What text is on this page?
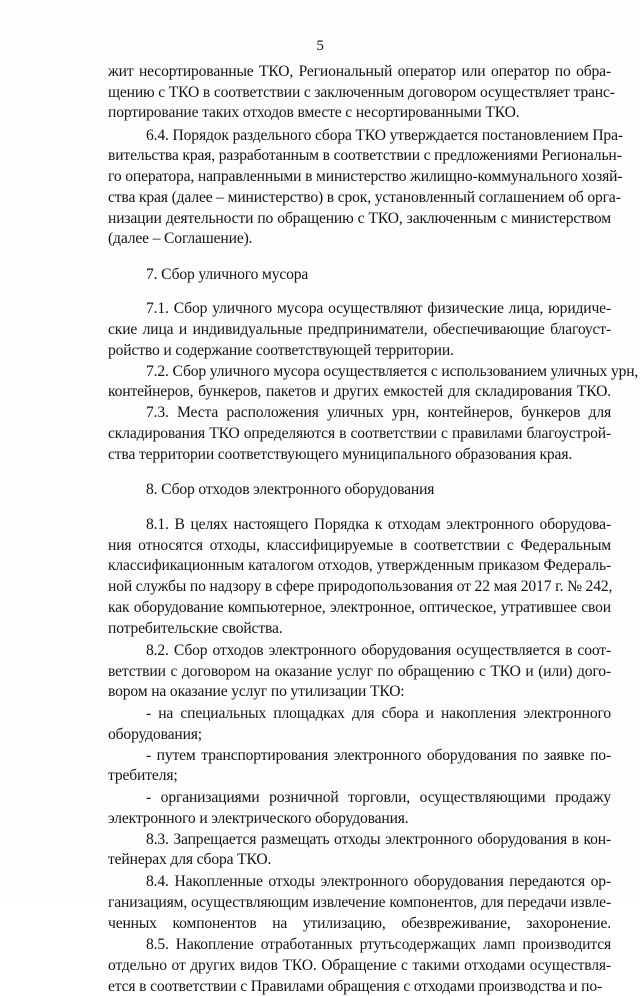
5
жит несортированные ТКО, Региональный оператор или оператор по обра-
щению с ТКО в соответствии с заключенным договором осуществляет транс-
портирование таких отходов вместе с несортированными ТКО.
6.4. Порядок раздельного сбора ТКО утверждается постановлением Пра-
вительства края, разработанным в соответствии с предложениями Региональн-
го оператора, направленными в министерство жилищно-коммунального хозяй-
ства края (далее – министерство) в срок, установленный соглашением об орга-
низации деятельности по обращению с ТКО, заключенным с министерством
(далее – Соглашение).
7. Сбор уличного мусора
7.1. Сбор уличного мусора осуществляют физические лица, юридиче-
ские лица и индивидуальные предприниматели, обеспечивающие благоуст-
ройство и содержание соответствующей территории.
7.2. Сбор уличного мусора осуществляется с использованием уличных урн,
контейнеров, бункеров, пакетов и других емкостей для складирования ТКО.
7.3. Места расположения уличных урн, контейнеров, бункеров для
складирования ТКО определяются в соответствии с правилами благоустрой-
ства территории соответствующего муниципального образования края.
8. Сбор отходов электронного оборудования
8.1. В целях настоящего Порядка к отходам электронного оборудова-
ния относятся отходы, классифицируемые в соответствии с Федеральным
классификационным каталогом отходов, утвержденным приказом Федераль-
ной службы по надзору в сфере природопользования от 22 мая 2017 г. № 242,
как оборудование компьютерное, электронное, оптическое, утратившее свои
потребительские свойства.
8.2. Сбор отходов электронного оборудования осуществляется в соот-
ветствии с договором на оказание услуг по обращению с ТКО и (или) дого-
вором на оказание услуг по утилизации ТКО:
- на специальных площадках для сбора и накопления электронного
оборудования;
- путем транспортирования электронного оборудования по заявке по-
требителя;
- организациями розничной торговли, осуществляющими продажу
электронного и электрического оборудования.
8.3. Запрещается размещать отходы электронного оборудования в кон-
тейнерах для сбора ТКО.
8.4. Накопленные отходы электронного оборудования передаются ор-
ганизациям, осуществляющим извлечение компонентов, для передачи извле-
ченных компонентов на утилизацию, обезвреживание, захоронение.
8.5. Накопление отработанных ртутьсодержащих ламп производится
отдельно от других видов ТКО. Обращение с такими отходами осуществля-
ется в соответствии с Правилами обращения с отходами производства и по-
